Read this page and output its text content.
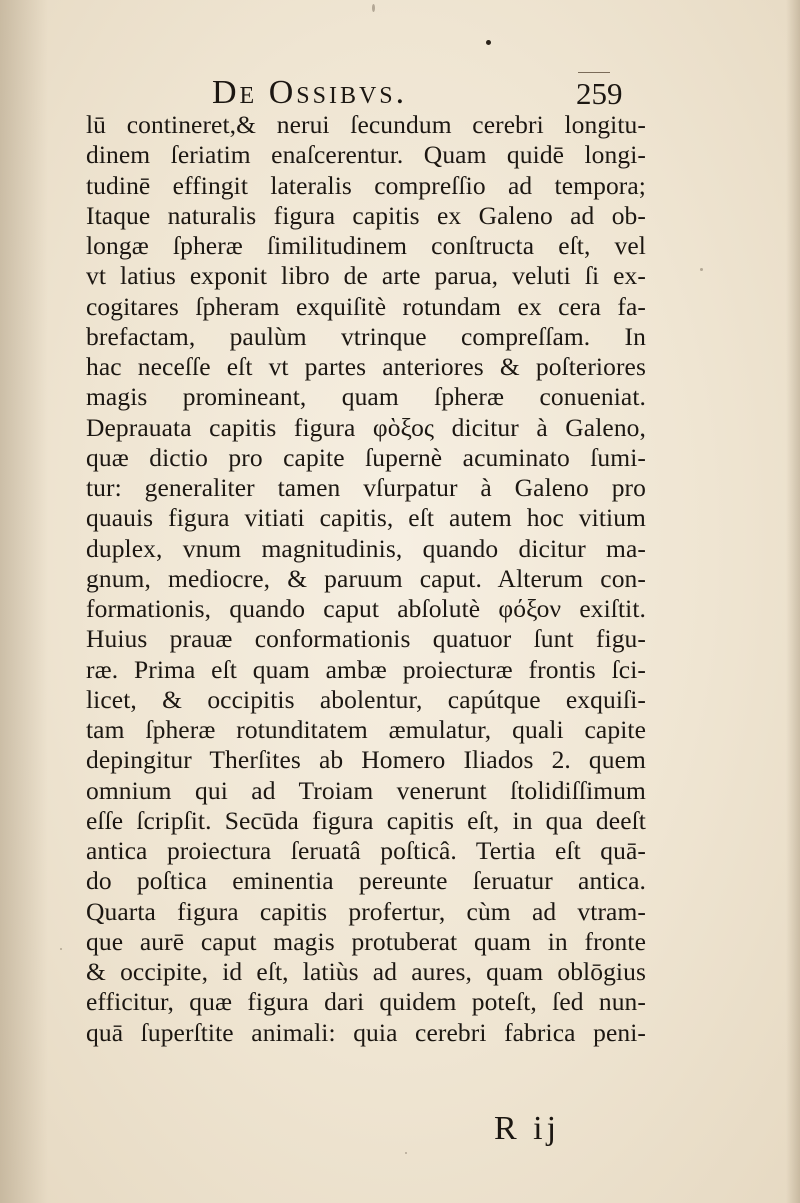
De Ossibvs.	259
lū contineret,& nerui ſecundum cerebri longitu-
dinem ſeriatim enaſcerentur. Quam quidē longi-
tudinē effingit lateralis compreſſio ad tempora;
Itaque naturalis figura capitis ex Galeno ad ob-
longæ ſpheræ ſimilitudinem conſtructa eſt, vel
vt latius exponit libro de arte parua, veluti ſi ex-
cogitares ſpheram exquiſitè rotundam ex cera fa-
brefactam, paulùm vtrinque compreſſam. In
hac neceſſe eſt vt partes anteriores & poſteriores
magis promineant, quam ſpheræ conueniat.
Deprauata capitis figura φὸξος dicitur à Galeno,
quæ dictio pro capite ſupernè acuminato ſumi-
tur: generaliter tamen vſurpatur à Galeno pro
quauis figura vitiati capitis, eſt autem hoc vitium
duplex, vnum magnitudinis, quando dicitur ma-
gnum, mediocre, & paruum caput. Alterum con-
formationis, quando caput abſolutè φόξον exiſtit.
Huius prauæ conformationis quatuor ſunt figu-
ræ. Prima eſt quam ambæ proiecturæ frontis ſci-
licet, & occipitis abolentur, capútque exquiſi-
tam ſpheræ rotunditatem æmulatur, quali capite
depingitur Therſites ab Homero Iliados 2. quem
omnium qui ad Troiam venerunt ſtolidiſſimum
eſſe ſcripſit. Secūda figura capitis eſt, in qua deeſt
antica proiectura ſeruatâ poſticâ. Tertia eſt quā-
do poſtica eminentia pereunte ſeruatur antica.
Quarta figura capitis profertur, cùm ad vtram-
que aurē caput magis protuberat quam in fronte
& occipite, id eſt, latiùs ad aures, quam oblōgius
efficitur, quæ figura dari quidem poteſt, ſed nun-
quā ſuperſtite animali: quia cerebri fabrica peni-
R ij
